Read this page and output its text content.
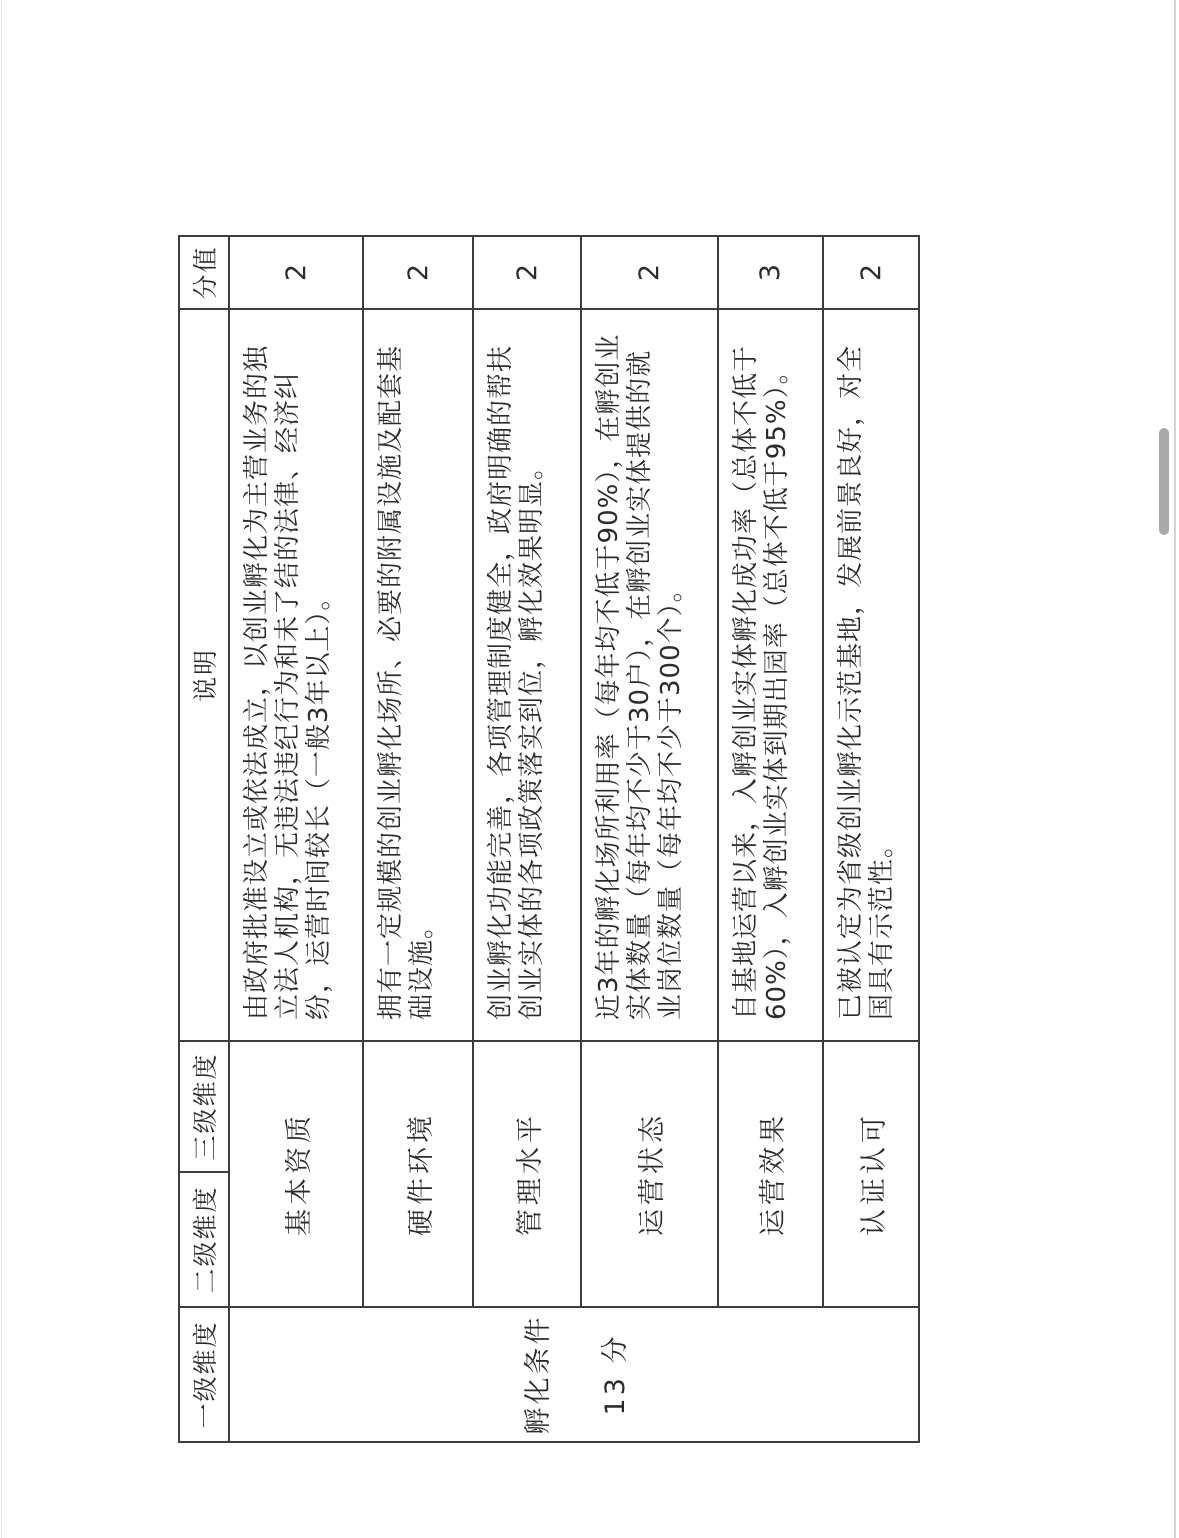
一级维度	二级维度	三级维度	说明	分值

孵化条件 13 分	基本资质		由政府批准设立或依法成立，以创业孵化为主营业务的独立法人机构，无违法违纪行为和未了结的法律、经济纠纷，运营时间较长（一般3年以上）。	2
	硬件环境		拥有一定规模的创业孵化场所、必要的附属设施及配套基础设施。	2
	管理水平		创业孵化功能完善，各项管理制度健全，政府明确的帮扶创业实体的各项政策落实到位，孵化效果明显。	2
	运营状态		近3年的孵化场所利用率（每年均不低于90%），在孵创业实体数量（每年均不少于30户），在孵创业实体提供的就业岗位数量（每年均不少于300个）。	2
	运营效果		自基地运营以来，入孵创业实体孵化成功率（总体不低于60%），入孵创业实体到期出园率（总体不低于95%）。	3
	认证认可		已被认定为省级创业孵化示范基地，发展前景良好，对全国具有示范性。	2
